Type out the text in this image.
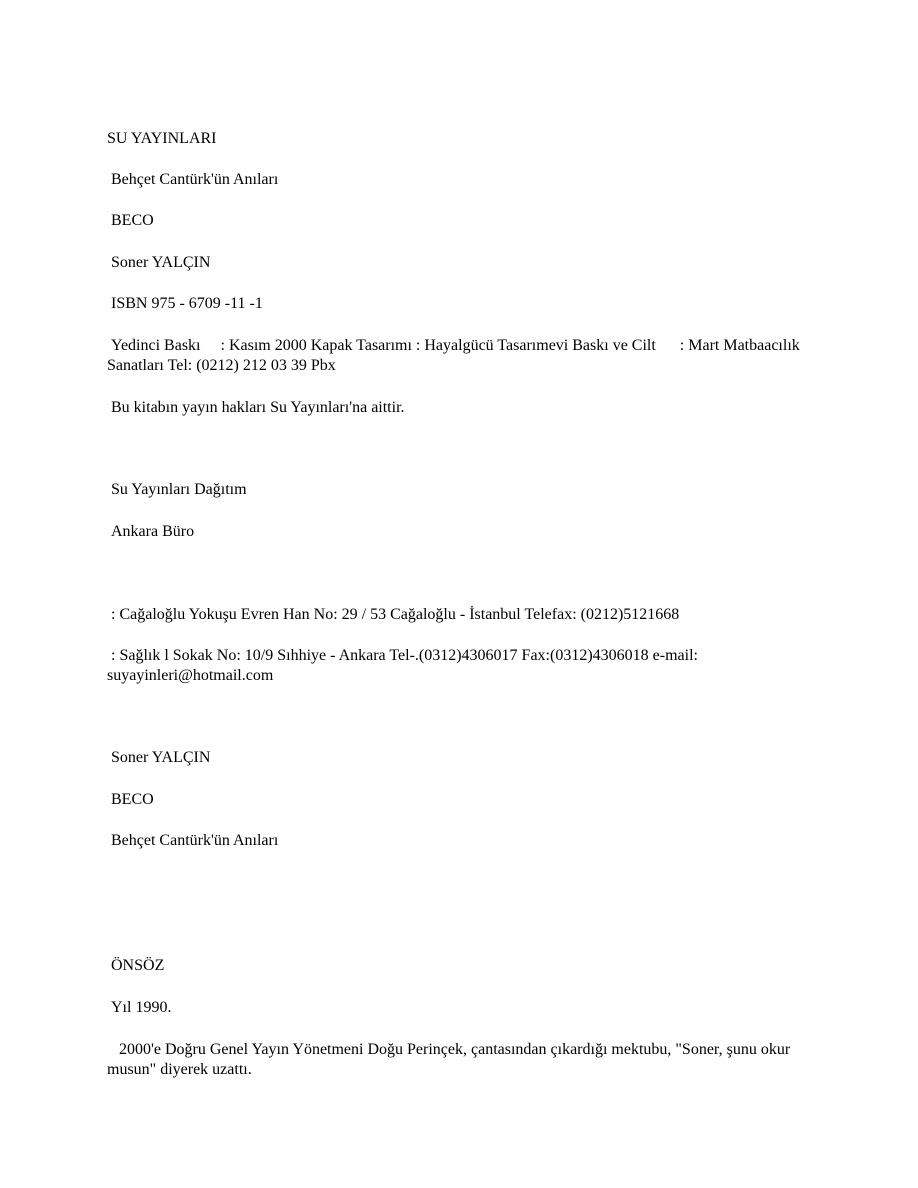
SU YAYINLARI

Behçet Cantürk'ün Anıları

BECO

Soner YALÇIN

ISBN 975 - 6709 -11 -1

Yedinci Baskı     : Kasım 2000 Kapak Tasarımı : Hayalgücü Tasarımevi Baskı ve Cilt      : Mart Matbaacılık Sanatları Tel: (0212) 212 03 39 Pbx

Bu kitabın yayın hakları Su Yayınları'na aittir.

Su Yayınları Dağıtım

Ankara Büro

: Cağaloğlu Yokuşu Evren Han No: 29 / 53 Cağaloğlu - İstanbul Telefax: (0212)5121668

: Sağlık l Sokak No: 10/9 Sıhhiye - Ankara Tel-.(0312)4306017 Fax:(0312)4306018 e-mail: suyayinleri@hotmail.com

Soner YALÇIN

BECO

Behçet Cantürk'ün Anıları

ÖNSÖZ

Yıl 1990.

2000'e Doğru Genel Yayın Yönetmeni Doğu Perinçek, çantasından çıkardığı mektubu, "Soner, şunu okur musun" diyerek uzattı.
